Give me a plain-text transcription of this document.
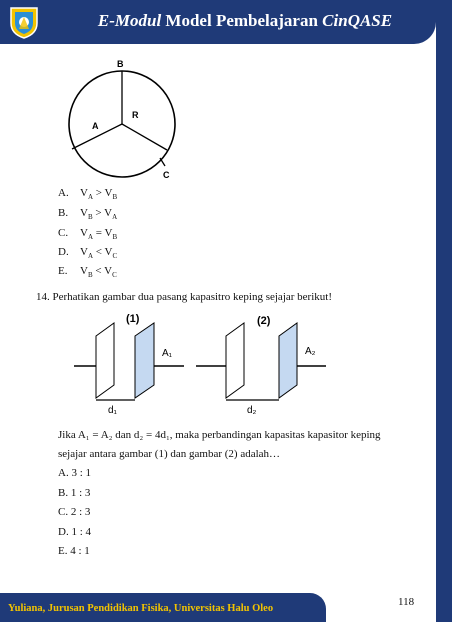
E-Modul Model Pembelajaran CinQASE
B
R
A
C
A. $V_A > V_B$
B. $V_B > V_A$
C. $V_A = V_B$
D. $V_A < V_C$
E. $V_B < V_C$
14. Perhatikan gambar dua pasang kapasitro keping sejajar berikut!
(1)	(2)
A₁
d₁
A₂
d₂
Jika A₁ = A₂ dan d₂ = 4d₁, maka perbandingan kapasitas kapasitor keping
sejajar antara gambar (1) dan gambar (2) adalah…
A. 3 : 1
B. 1 : 3
C. 2 : 3
D. 1 : 4
E. 4 : 1
Yuliana, Jurusan Pendidikan Fisika, Universitas Halu Oleo
118
